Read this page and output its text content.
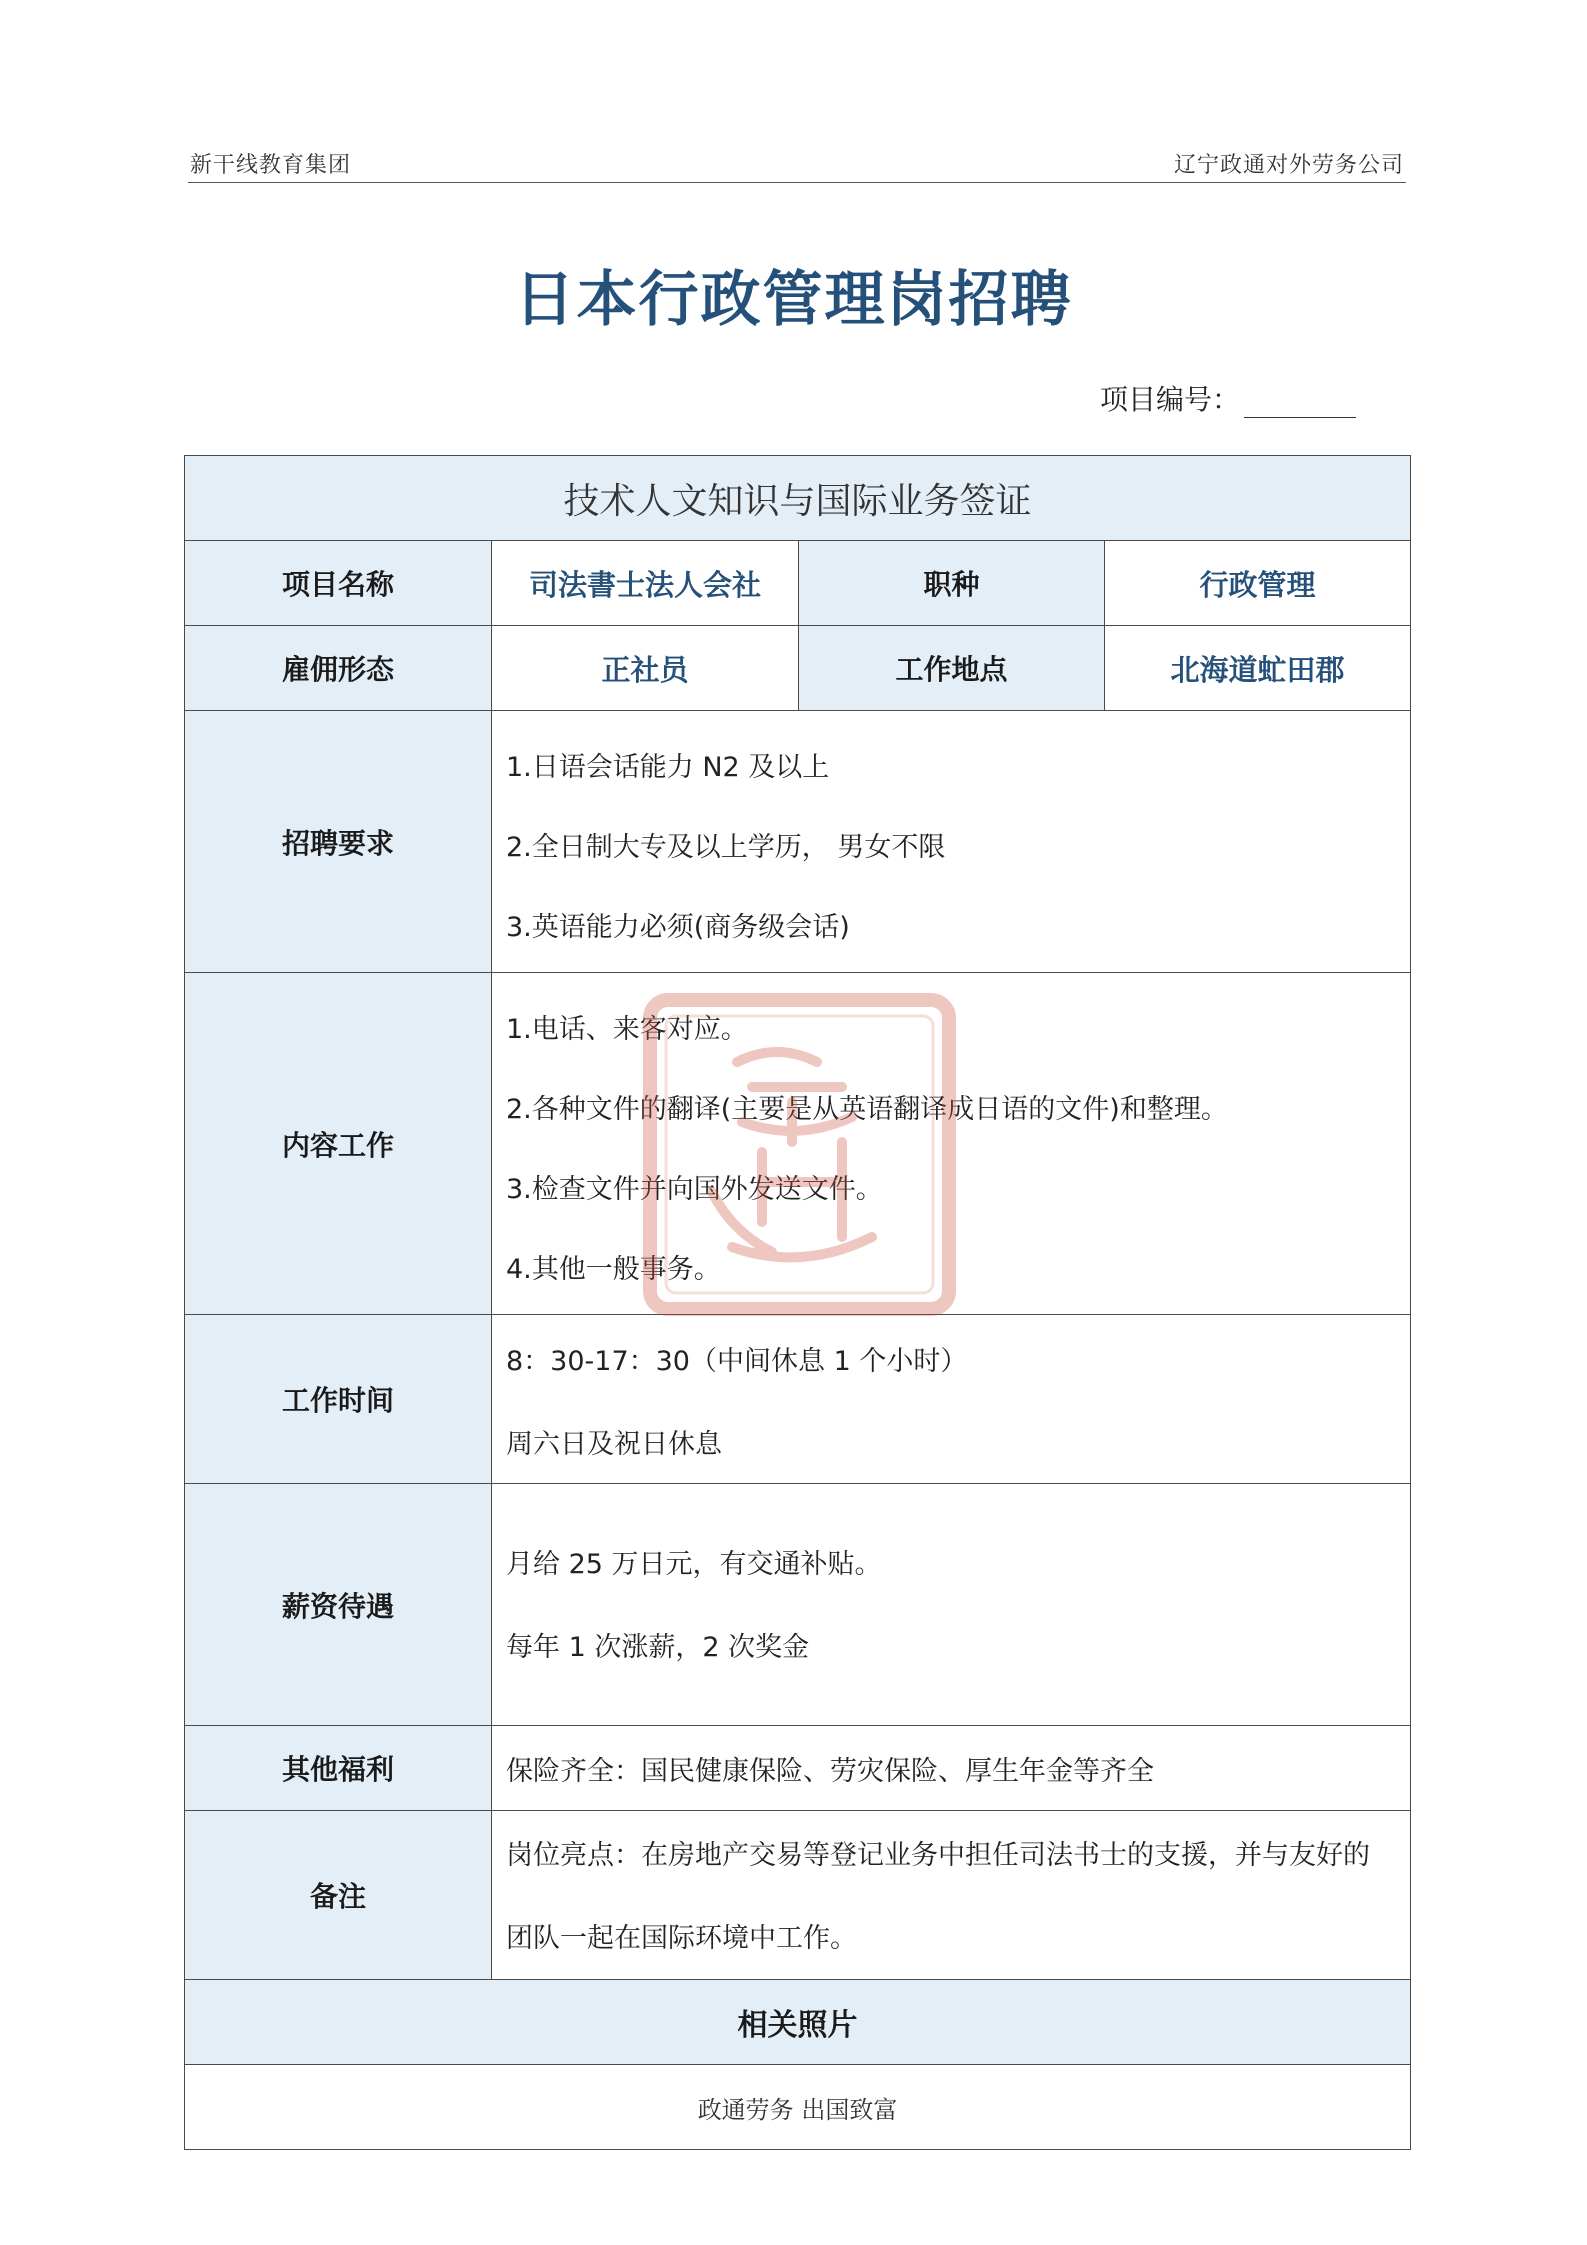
新干线教育集团	辽宁政通对外劳务公司
日本行政管理岗招聘
项目编号：
技术人文知识与国际业务签证			
项目名称	司法書士法人会社	职种	行政管理
雇佣形态	正社员	工作地点	北海道虻田郡
招聘要求	1.日语会话能力 N2 及以上
2.全日制大专及以上学历， 男女不限
3.英语能力必须(商务级会话)		

内容工作	1.电话、来客对应。
2.各种文件的翻译(主要是从英语翻译成日语的文件)和整理。
3.检查文件并向国外发送文件。
4.其他一般事务。		

工作时间	8：30-17：30（中间休息 1 个小时）
周六日及祝日休息		

薪资待遇	月给 25 万日元，有交通补贴。
每年 1 次涨薪，2 次奖金		

其他福利	保险齐全：国民健康保险、劳灾保险、厚生年金等齐全		
备注	岗位亮点：在房地产交易等登记业务中担任司法书士的支援，并与友好的
团队一起在国际环境中工作。		

相关照片			
政通劳务 出国致富			
